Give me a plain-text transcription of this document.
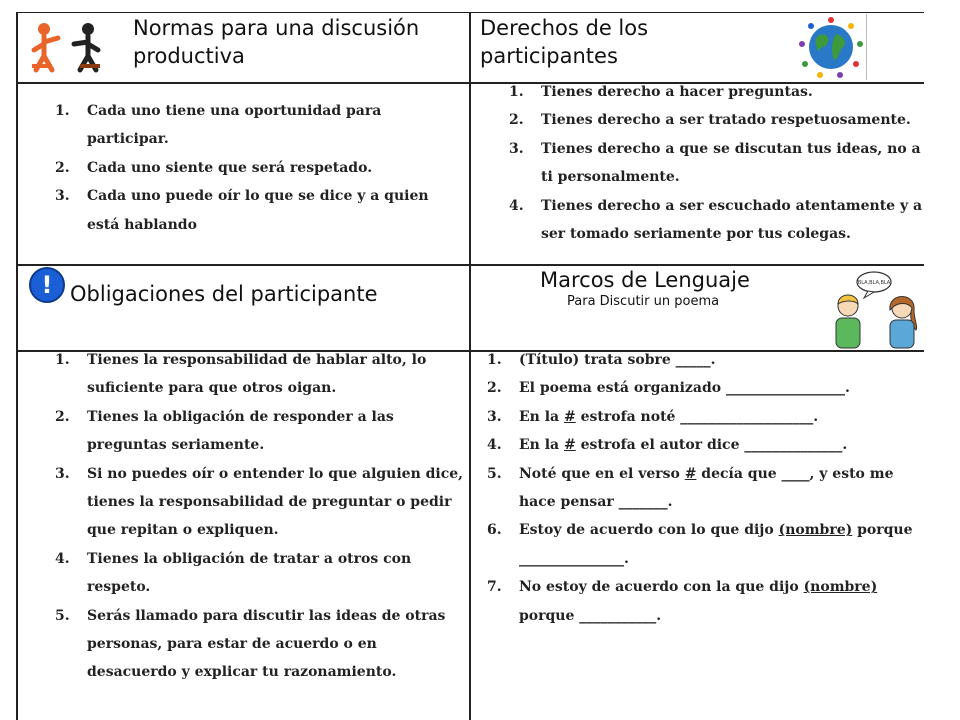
Normas para una discusión productiva
Derechos de los participantes
1. Cada uno tiene una oportunidad para participar.
2. Cada uno siente que será respetado.
3. Cada uno puede oír lo que se dice y a quien está hablando
1. Tienes derecho a hacer preguntas.
2. Tienes derecho a ser tratado respetuosamente.
3. Tienes derecho a que se discutan tus ideas, no a ti personalmente.
4. Tienes derecho a ser escuchado atentamente y a ser tomado seriamente por tus colegas.
! Obligaciones del participante
Marcos de Lenguaje
Para Discutir un poema
BLA,BLA,BLA
1. Tienes la responsabilidad de hablar alto, lo suficiente para que otros oigan.
2. Tienes la obligación de responder a las preguntas seriamente.
3. Si no puedes oír o entender lo que alguien dice, tienes la responsabilidad de preguntar o pedir que repitan o expliquen.
4. Tienes la obligación de tratar a otros con respeto.
5. Serás llamado para discutir las ideas de otras personas, para estar de acuerdo o en desacuerdo y explicar tu razonamiento.
1. (Título) trata sobre _____.
2. El poema está organizado _________________.
3. En la # estrofa noté ___________________.
4. En la # estrofa el autor dice ______________.
5. Noté que en el verso # decía que ____, y esto me hace pensar _______.
6. Estoy de acuerdo con lo que dijo (nombre) porque _______________.
7. No estoy de acuerdo con la que dijo (nombre) porque ___________.
